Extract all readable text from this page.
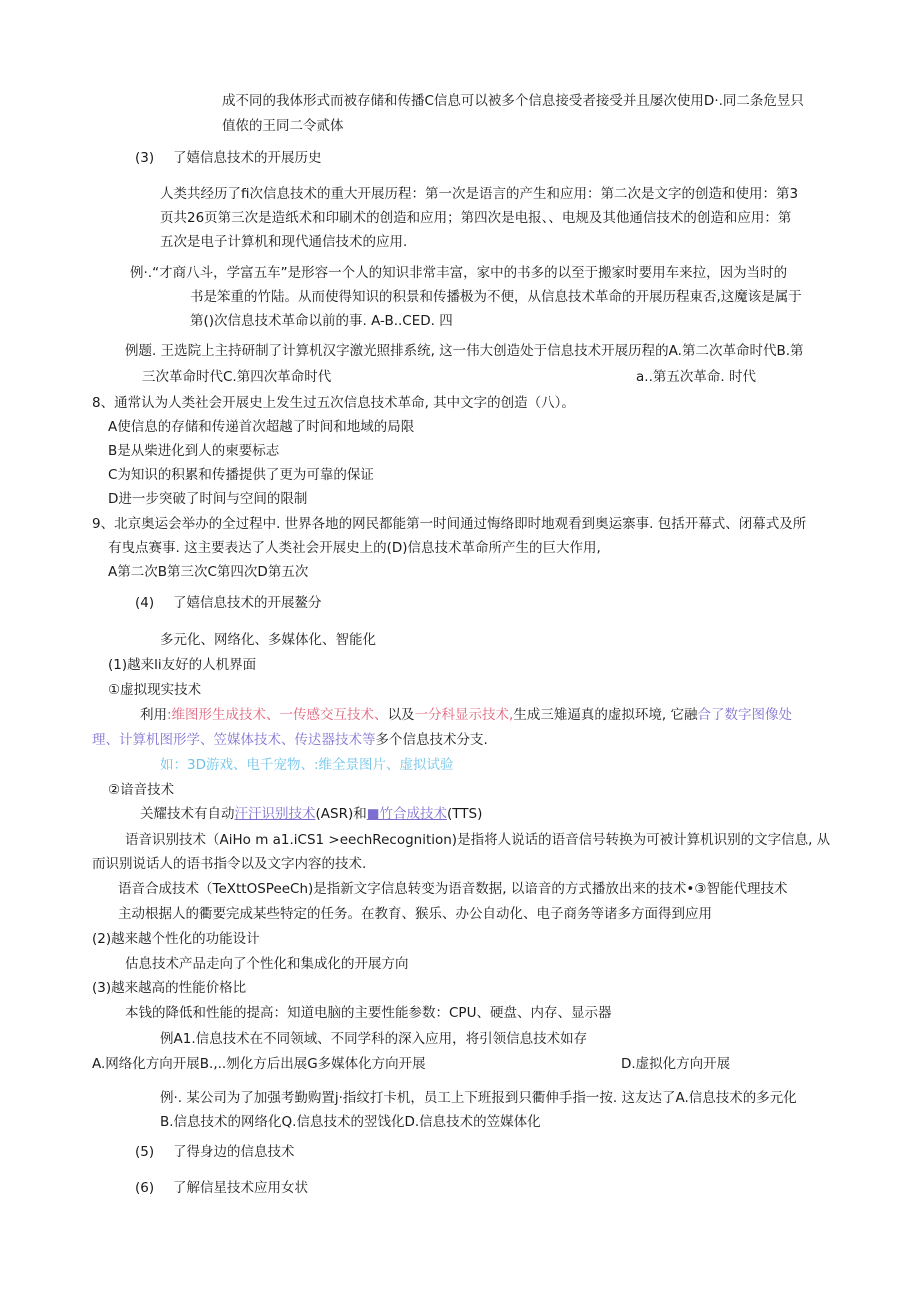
成不同的我体形式而被存储和传播C信息可以被多个信息接受者接受并且屡次使用D·.同二条危昱只
值侬的王同二令贰体
(3) 了嬉信息技术的开展历史
人类共经历了fi次信息技术的重大开展历程：第一次是语言的产生和应用：第二次是文字的创造和使用：第3
页共26页第三次是造纸术和印刷术的创造和应用；第四次是电报、、电规及其他通信技术的创造和应用：第
五次是电子计算机和现代通信技术的应用.
例·.“才商八斗，学富五车”是形容一个人的知识非常丰富，家中的书多的以至于搬家时要用车来拉，因为当时的
书是笨重的竹陆。从而使得知识的积景和传播极为不便，从信息技术革命的开展历程東否,这魔该是属于
第()次信息技术革命以前的事. A-B..CED. 四
例题. 王选院上主持研制了计算机汉字激光照排系统, 这一伟大创造处于信息技术开展历程的A.第二次革命时代B.第
三次革命时代C.第四次革命时代	a..第五次革命. 时代
8、通常认为人类社会开展史上发生过五次信息技术革命, 其中文字的创造（八）。
A使信息的存储和传递首次超越了时间和地域的局限
B是从柴进化到人的柬要标志
C为知识的积累和传播提供了更为可靠的保证
D进一步突破了时间与空间的限制
9、北京奥运会举办的全过程中. 世界各地的网民都能第一时间通过悔络即时地观看到奥运寨事. 包括开幕式、闭幕式及所
有曳点赛事. 这主要表达了人类社会开展史上的(D)信息技术革命所产生的巨大作用,
A第二次B第三次C第四次D第五次
(4) 了嬉信息技术的开展鳌分
多元化、网络化、多媒体化、智能化
(1)越来li友好的人机界面
①虚拟现实技术
利用:维图形生成技术、一传感交互技术、以及一分科显示技术,生成三雉逼真的虚拟环境, 它融合了数字图像处
理、计算机图形学、笠媒体技术、传迖器技术等多个信息技术分支.
如：3D游戏、电千宠物、:维全景图片、虚拟试验
②谙音技术
关耀技术有自动汗汗识别技术(ASR)和■竹合成技术(TTS)
语音识别技术（AiHo m a1.iCS1 >eechRecognition)是指将人说话的语音信号转换为可被计算机识别的文字信息, 从
而识别说话人的语书指令以及文字内容的技术.
语音合成技术（TeXttOSPeeCh)是指新文字信息转变为语音数据, 以谙音的方式播放出来的技术•③智能代理技术
主动根据人的衢要完成某些特定的任务。在教育、猴乐、办公自动化、电子商务等诸多方面得到应用
(2)越来越个性化的功能设计
估息技术产品走向了个性化和集成化的开展方向
(3)越来越高的性能价格比
本钱的降低和性能的提高：知道电脑的主要性能参数：CPU、硬盘、内存、显示器
例A1.信息技术在不同领域、不同学科的深入应用，将引领信息技术如存
A.网络化方向开展B.,..刎化方后出展G多媒体化方向开展	D.虚拟化方向开展
例·. 某公司为了加强考勤购置j·指纹打卡机，员工上下班报到只衢伸手指一按. 这友达了A.信息技术的多元化
B.信息技术的网络化Q.信息技术的翌饯化D.信息技术的笠媒体化
(5) 了得身边的信息技术
(6) 了解信星技术应用女状
